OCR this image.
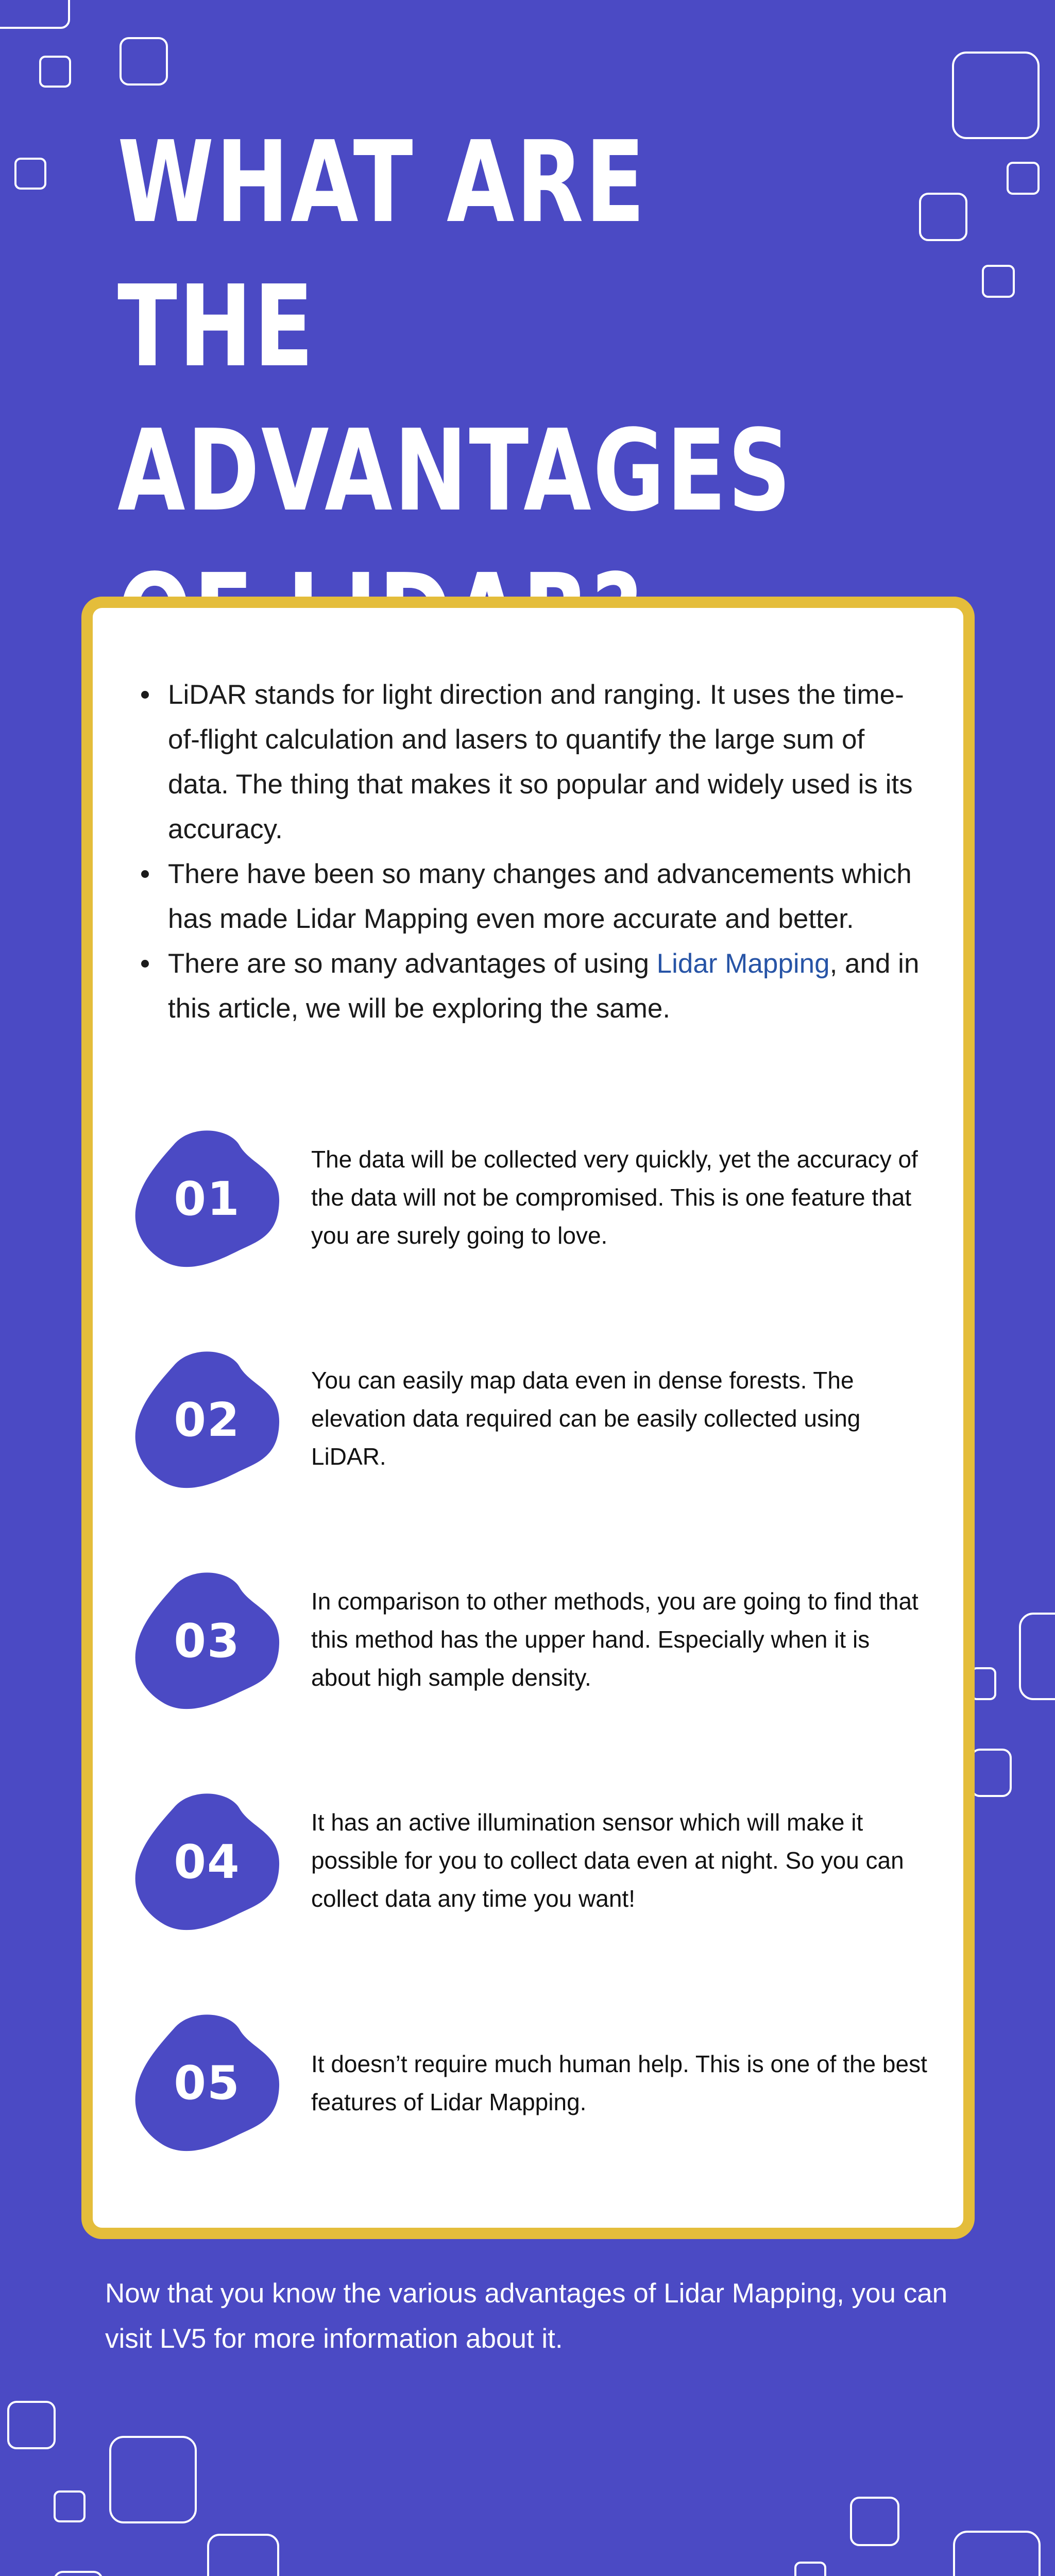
WHAT ARE THE ADVANTAGES
LiDAR stands for light direction and ranging. It uses the time-of-flight calculation and lasers to quantify the large sum of data. The thing that makes it so popular and widely used is its accuracy.
There have been so many changes and advancements which has made Lidar Mapping even more accurate and better.
There are so many advantages of using Lidar Mapping, and in this article, we will be exploring the same.
01
The data will be collected very quickly, yet the accuracy of the data will not be compromised. This is one feature that you are surely going to love.
02
You can easily map data even in dense forests. The elevation data required can be easily collected using LiDAR.
03
In comparison to other methods, you are going to find that this method has the upper hand. Especially when it is about high sample density.
04
It has an active illumination sensor which will make it possible for you to collect data even at night. So you can collect data any time you want!
05	It doesn’t require much human help. This is one of the best features of Lidar Mapping.
Now that you know the various advantages of Lidar Mapping, you can visit LV5 for more information about it.
